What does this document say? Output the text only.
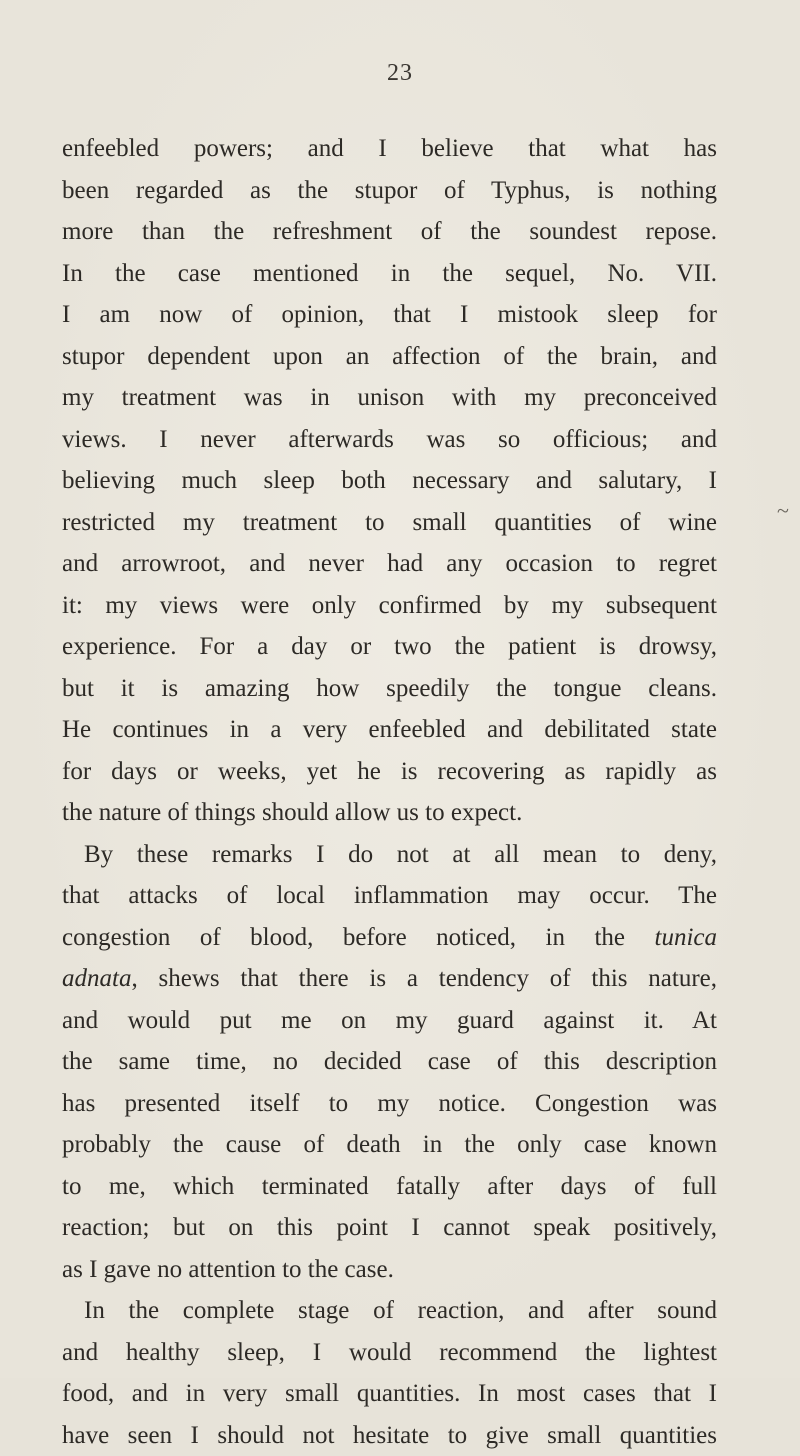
23
enfeebled powers; and I believe that what has
been regarded as the stupor of Typhus, is nothing
more than the refreshment of the soundest repose.
In the case mentioned in the sequel, No. VII.
I am now of opinion, that I mistook sleep for
stupor dependent upon an affection of the brain, and
my treatment was in unison with my preconceived
views. I never afterwards was so officious; and
believing much sleep both necessary and salutary, I
restricted my treatment to small quantities of wine
and arrowroot, and never had any occasion to regret
it: my views were only confirmed by my subsequent
experience. For a day or two the patient is drowsy,
but it is amazing how speedily the tongue cleans.
He continues in a very enfeebled and debilitated state
for days or weeks, yet he is recovering as rapidly as
the nature of things should allow us to expect.
By these remarks I do not at all mean to deny,
that attacks of local inflammation may occur. The
congestion of blood, before noticed, in the tunica
adnata, shews that there is a tendency of this nature,
and would put me on my guard against it. At
the same time, no decided case of this description
has presented itself to my notice. Congestion was
probably the cause of death in the only case known
to me, which terminated fatally after days of full
reaction; but on this point I cannot speak positively,
as I gave no attention to the case.
In the complete stage of reaction, and after sound
and healthy sleep, I would recommend the lightest
food, and in very small quantities. In most cases that I
have seen I should not hesitate to give small quantities
~
